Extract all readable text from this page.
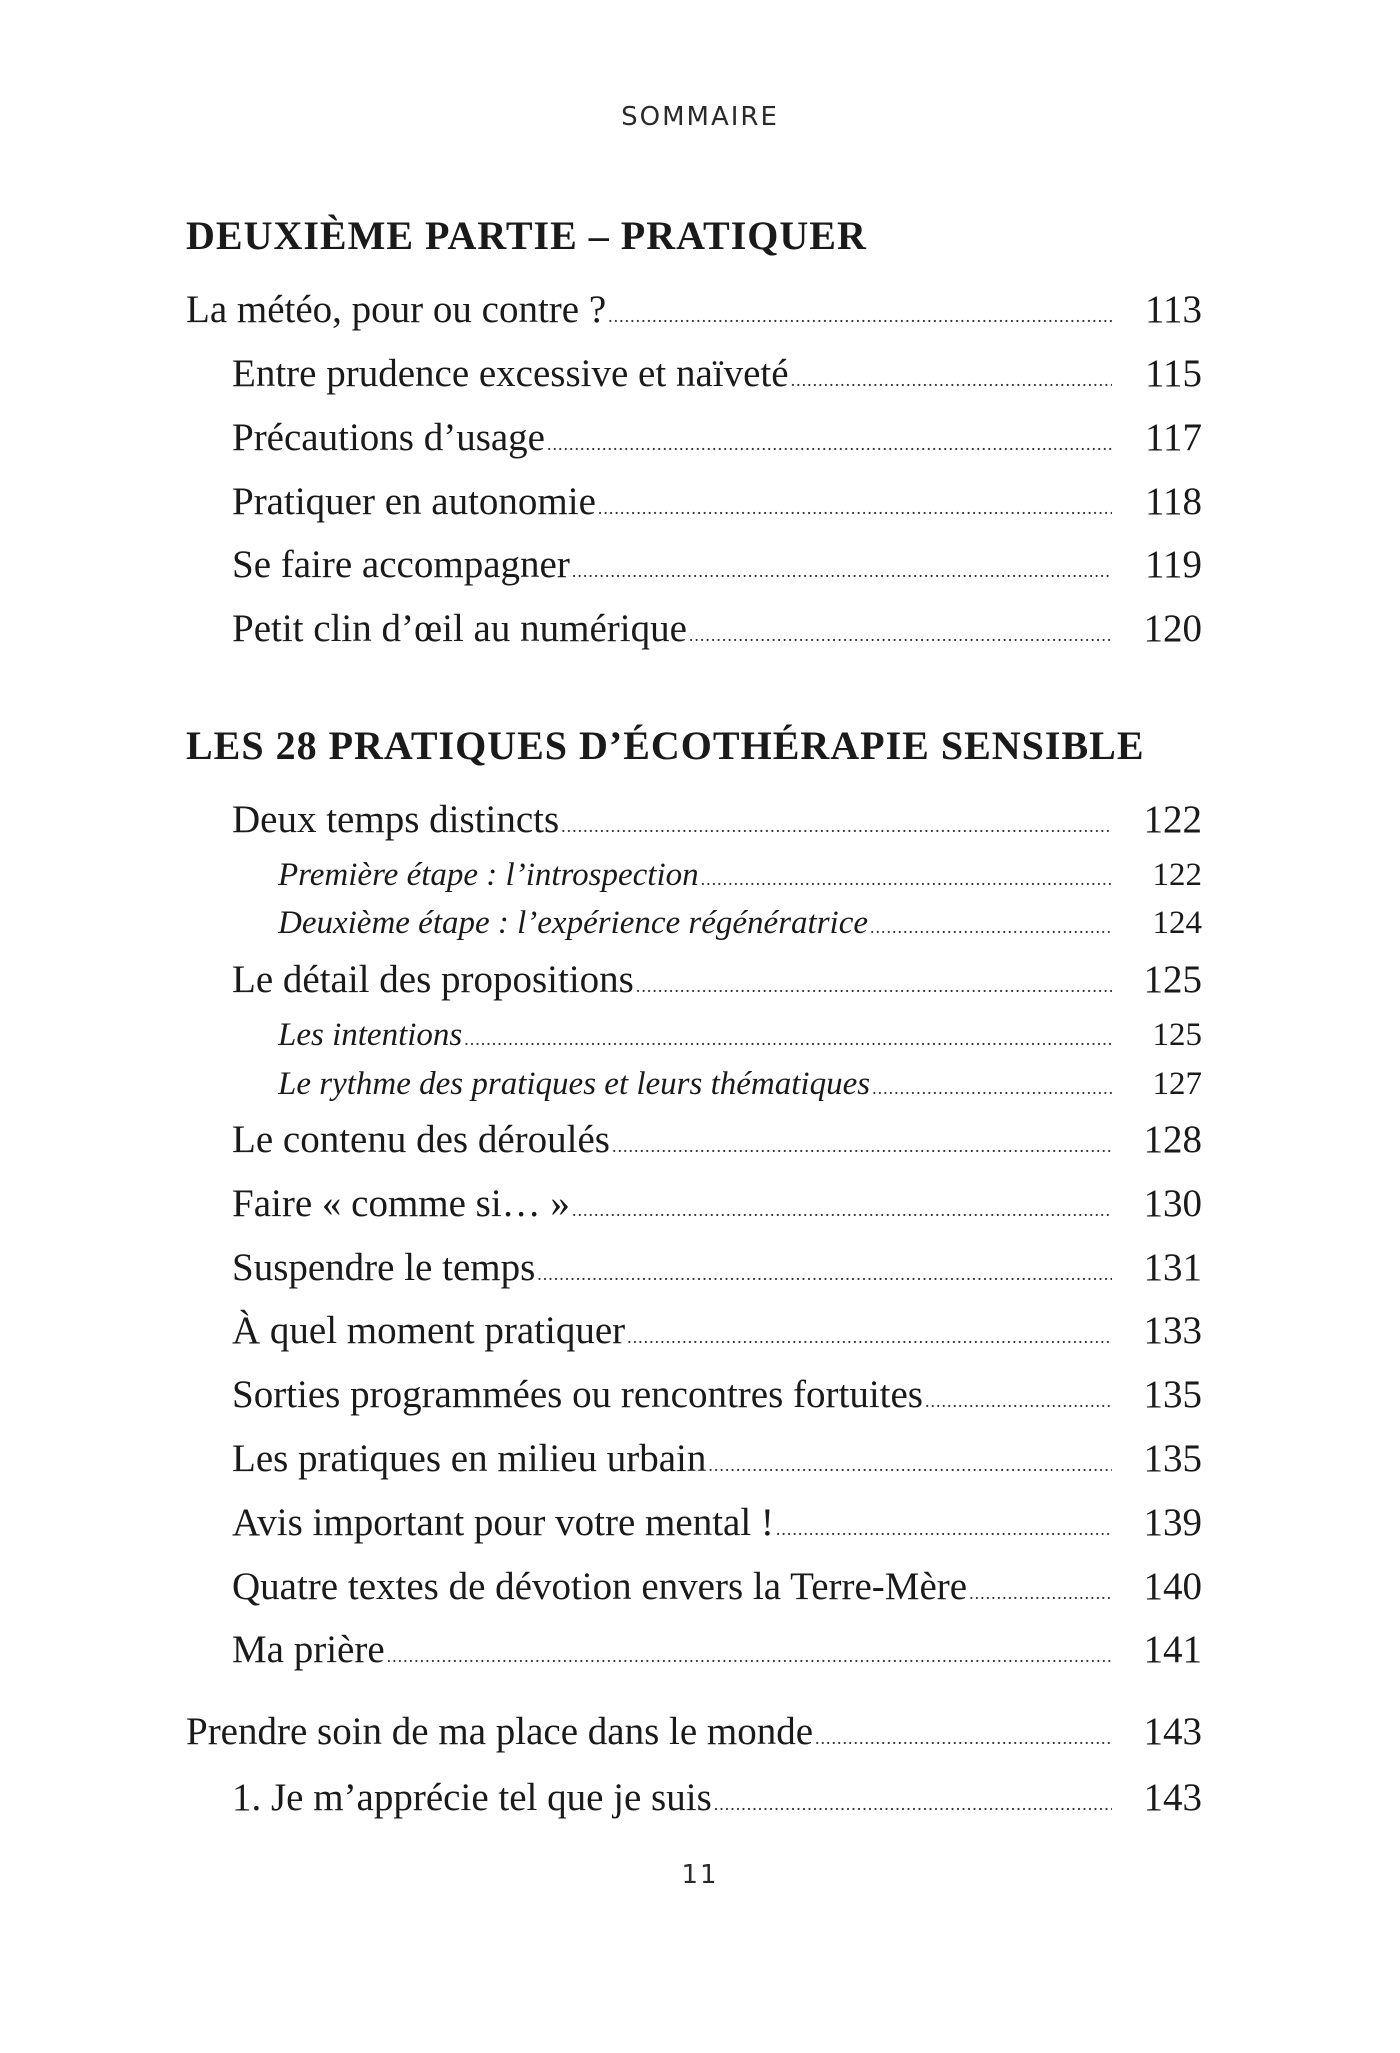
SOMMAIRE
DEUXIÈME PARTIE – PRATIQUER
La météo, pour ou contre ? .....	113
Entre prudence excessive et naïveté .....	115
Précautions d’usage .....	117
Pratiquer en autonomie .....	118
Se faire accompagner .....	119
Petit clin d’œil au numérique .....	120
LES 28 PRATIQUES D’ÉCOTHÉRAPIE SENSIBLE
Deux temps distincts .....	122
Première étape : l’introspection .....	122
Deuxième étape : l’expérience régénératrice .....	124
Le détail des propositions .....	125
Les intentions .....	125
Le rythme des pratiques et leurs thématiques .....	127
Le contenu des déroulés .....	128
Faire « comme si… » .....	130
Suspendre le temps .....	131
À quel moment pratiquer .....	133
Sorties programmées ou rencontres fortuites .....	135
Les pratiques en milieu urbain .....	135
Avis important pour votre mental ! .....	139
Quatre textes de dévotion envers la Terre-Mère .....	140
Ma prière .....	141
Prendre soin de ma place dans le monde .....	143
1. Je m’apprécie tel que je suis .....	143
11
